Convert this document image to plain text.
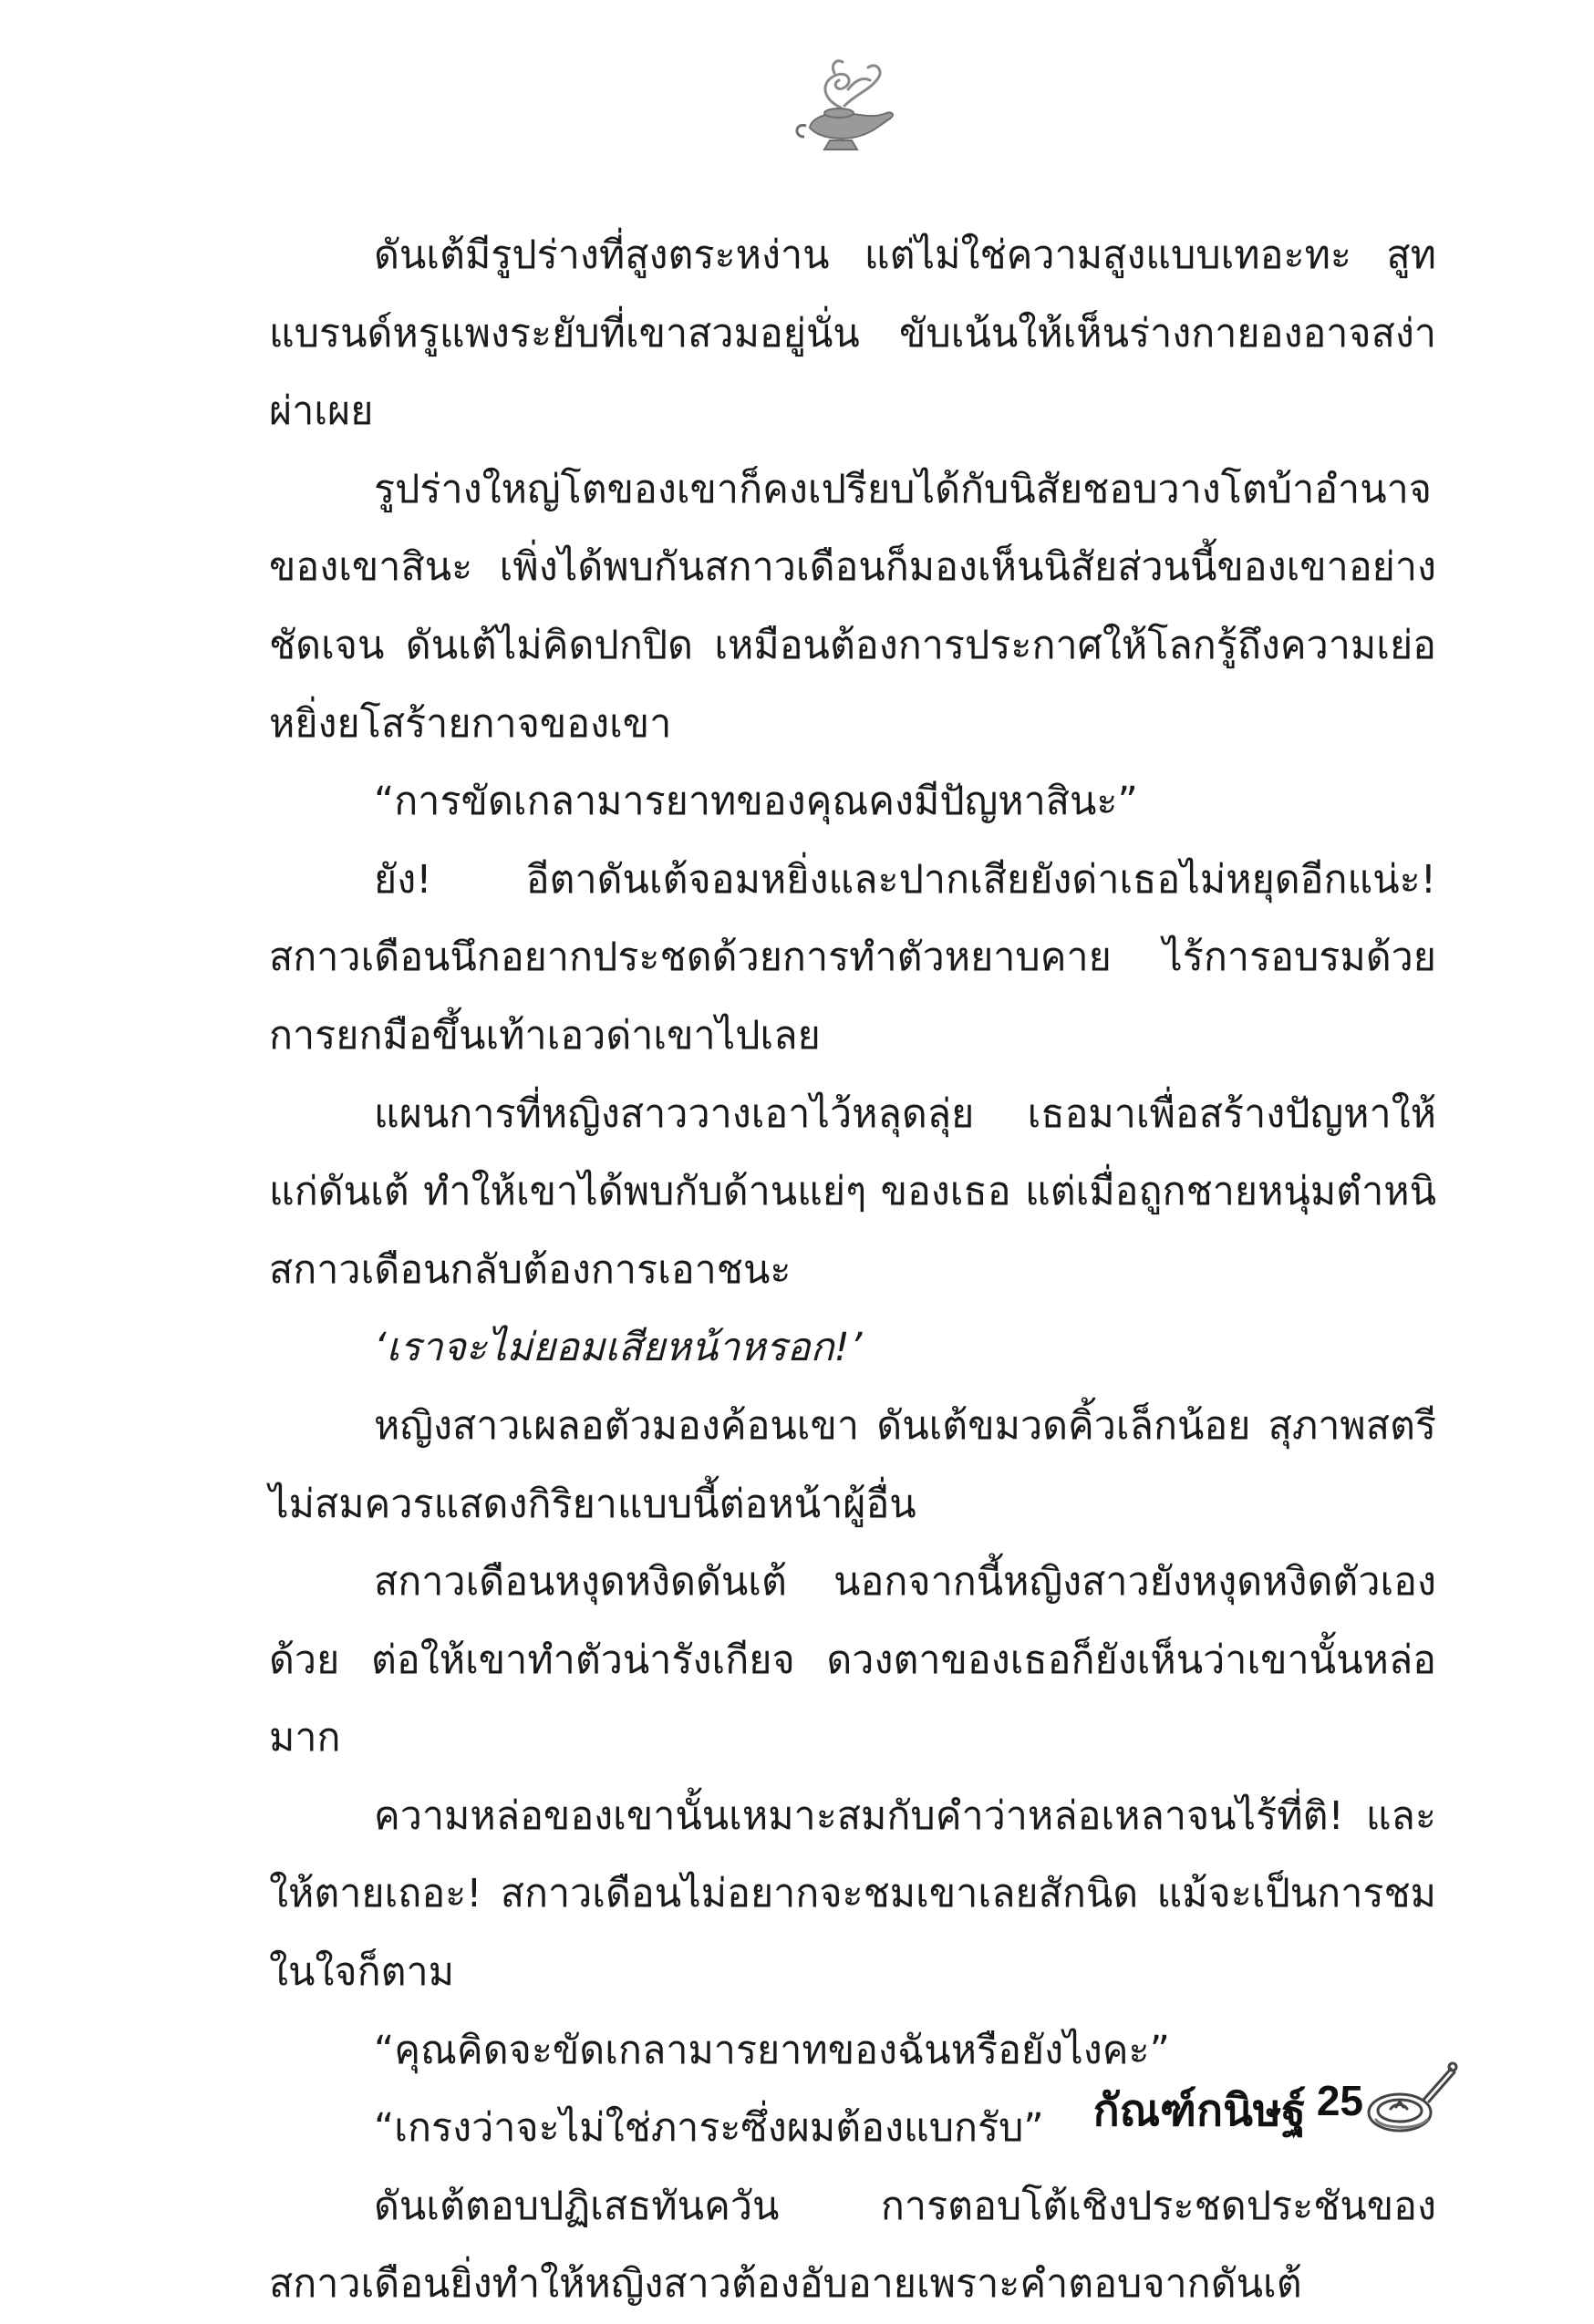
ดันเต้มีรูปร่างที่สูงตระหง่าน แต่ไม่ใช่ความสูงแบบเทอะทะ สูทแบรนด์หรูแพงระยับที่เขาสวมอยู่นั่น ขับเน้นให้เห็นร่างกายองอาจสง่าผ่าเผย

รูปร่างใหญ่โตของเขาก็คงเปรียบได้กับนิสัยชอบวางโตบ้าอำนาจของเขาสินะ เพิ่งได้พบกันสกาวเดือนก็มองเห็นนิสัยส่วนนี้ของเขาอย่างชัดเจน ดันเต้ไม่คิดปกปิด เหมือนต้องการประกาศให้โลกรู้ถึงความเย่อหยิ่งยโสร้ายกาจของเขา

“การขัดเกลามารยาทของคุณคงมีปัญหาสินะ”

ยัง! อีตาดันเต้จอมหยิ่งและปากเสียยังด่าเธอไม่หยุดอีกแน่ะ! สกาวเดือนนึกอยากประชดด้วยการทำตัวหยาบคาย ไร้การอบรมด้วยการยกมือขึ้นเท้าเอวด่าเขาไปเลย

แผนการที่หญิงสาววางเอาไว้หลุดลุ่ย เธอมาเพื่อสร้างปัญหาให้แก่ดันเต้ ทำให้เขาได้พบกับด้านแย่ๆ ของเธอ แต่เมื่อถูกชายหนุ่มตำหนิสกาวเดือนกลับต้องการเอาชนะ

‘เราจะไม่ยอมเสียหน้าหรอก!’

หญิงสาวเผลอตัวมองค้อนเขา ดันเต้ขมวดคิ้วเล็กน้อย สุภาพสตรีไม่สมควรแสดงกิริยาแบบนี้ต่อหน้าผู้อื่น

สกาวเดือนหงุดหงิดดันเต้ นอกจากนี้หญิงสาวยังหงุดหงิดตัวเองด้วย ต่อให้เขาทำตัวน่ารังเกียจ ดวงตาของเธอก็ยังเห็นว่าเขานั้นหล่อมาก

ความหล่อของเขานั้นเหมาะสมกับคำว่าหล่อเหลาจนไร้ที่ติ! และให้ตายเถอะ! สกาวเดือนไม่อยากจะชมเขาเลยสักนิด แม้จะเป็นการชมในใจก็ตาม

“คุณคิดจะขัดเกลามารยาทของฉันหรือยังไงคะ”

“เกรงว่าจะไม่ใช่ภาระซึ่งผมต้องแบกรับ”

ดันเต้ตอบปฏิเสธทันควัน การตอบโต้เชิงประชดประชันของสกาวเดือนยิ่งทำให้หญิงสาวต้องอับอายเพราะคำตอบจากดันเต้

กัณฑ์กนิษฐ์ 25
